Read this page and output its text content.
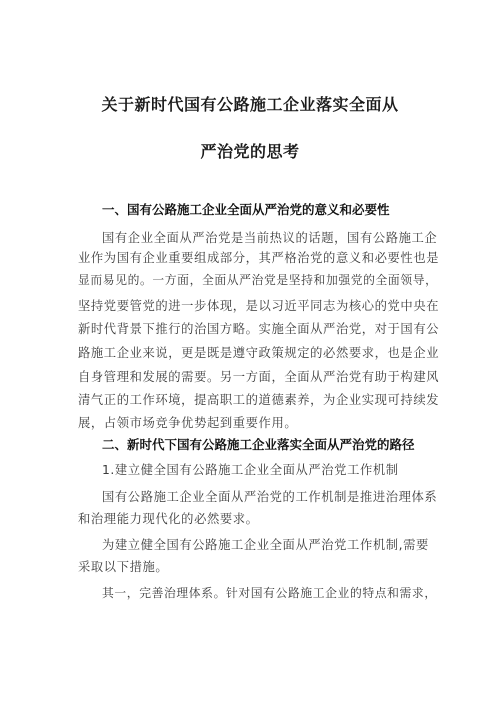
关于新时代国有公路施工企业落实全面从
严治党的思考
一、国有公路施工企业全面从严治党的意义和必要性
国有企业全面从严治党是当前热议的话题，国有公路施工企
业作为国有企业重要组成部分，其严格治党的意义和必要性也是
显而易见的。一方面，全面从严治党是坚持和加强党的全面领导，
坚持党要管党的进一步体现，是以习近平同志为核心的党中央在
新时代背景下推行的治国方略。实施全面从严治党，对于国有公
路施工企业来说，更是既是遵守政策规定的必然要求，也是企业
自身管理和发展的需要。另一方面，全面从严治党有助于构建风
清气正的工作环境，提高职工的道德素养，为企业实现可持续发
展，占领市场竞争优势起到重要作用。
二、新时代下国有公路施工企业落实全面从严治党的路径
1.建立健全国有公路施工企业全面从严治党工作机制
国有公路施工企业全面从严治党的工作机制是推进治理体系
和治理能力现代化的必然要求。
为建立健全国有公路施工企业全面从严治党工作机制,需要
采取以下措施。
其一，完善治理体系。针对国有公路施工企业的特点和需求，
